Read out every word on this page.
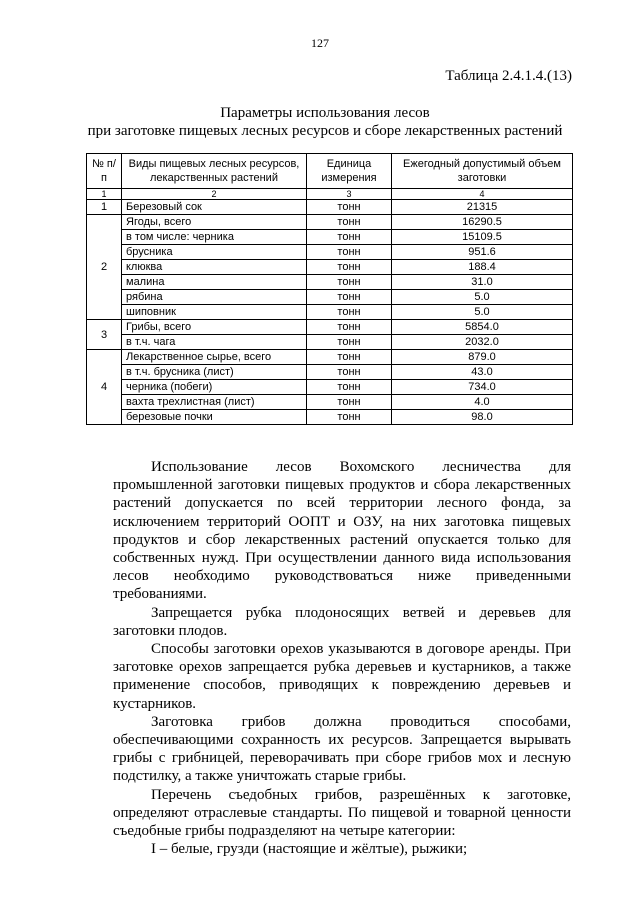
127
Таблица 2.4.1.4.(13)
Параметры использования лесов
при заготовке пищевых лесных ресурсов и сборе лекарственных растений
№ п/п	Виды пищевых лесных ресурсов, лекарственных растений	Единица измерения	Ежегодный допустимый объем заготовки
1	2	3	4
1	Березовый сок	тонн	21315
2	Ягоды, всего	тонн	16290.5
	в том числе: черника	тонн	15109.5
	брусника	тонн	951.6
	клюква	тонн	188.4
	малина	тонн	31.0
	рябина	тонн	5.0
	шиповник	тонн	5.0
3	Грибы, всего	тонн	5854.0
	в т.ч. чага	тонн	2032.0
4	Лекарственное сырье, всего	тонн	879.0
	в т.ч. брусника (лист)	тонн	43.0
	черника (побеги)	тонн	734.0
	вахта трехлистная (лист)	тонн	4.0
	березовые почки	тонн	98.0

Использование лесов Вохомского лесничества для промышленной заготовки пищевых продуктов и сбора лекарственных растений допускается по всей территории лесного фонда, за исключением территорий ООПТ и ОЗУ, на них заготовка пищевых продуктов и сбор лекарственных растений опускается только для собственных нужд. При осуществлении данного вида использования лесов необходимо руководствоваться ниже приведенными требованиями.

Запрещается рубка плодоносящих ветвей и деревьев для заготовки плодов.

Способы заготовки орехов указываются в договоре аренды. При заготовке орехов запрещается рубка деревьев и кустарников, а также применение способов, приводящих к повреждению деревьев и кустарников.

Заготовка грибов должна проводиться способами, обеспечивающими сохранность их ресурсов. Запрещается вырывать грибы с грибницей, переворачивать при сборе грибов мох и лесную подстилку, а также уничтожать старые грибы.

Перечень съедобных грибов, разрешённых к заготовке, определяют отраслевые стандарты. По пищевой и товарной ценности съедобные грибы подразделяют на четыре категории:

I – белые, грузди (настоящие и жёлтые), рыжики;
